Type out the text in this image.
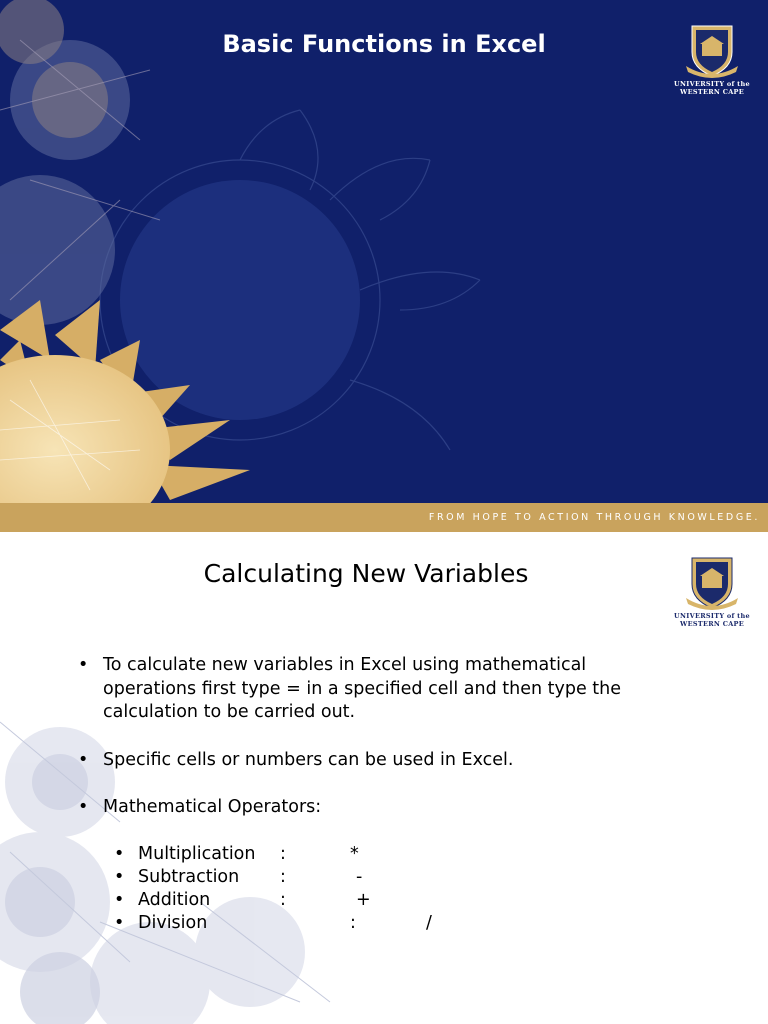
Basic Functions in Excel
UNIVERSITY of the
WESTERN CAPE
FROM HOPE TO ACTION THROUGH KNOWLEDGE.
Calculating New Variables
UNIVERSITY of the
WESTERN CAPE
• To calculate new variables in Excel using mathematical operations first type = in a specified cell and then type the calculation to be carried out.
• Specific cells or numbers can be used in Excel.
• Mathematical Operators:
• Multiplication :	*
• Subtraction :	-
• Addition	:	+
• Division	:	/
